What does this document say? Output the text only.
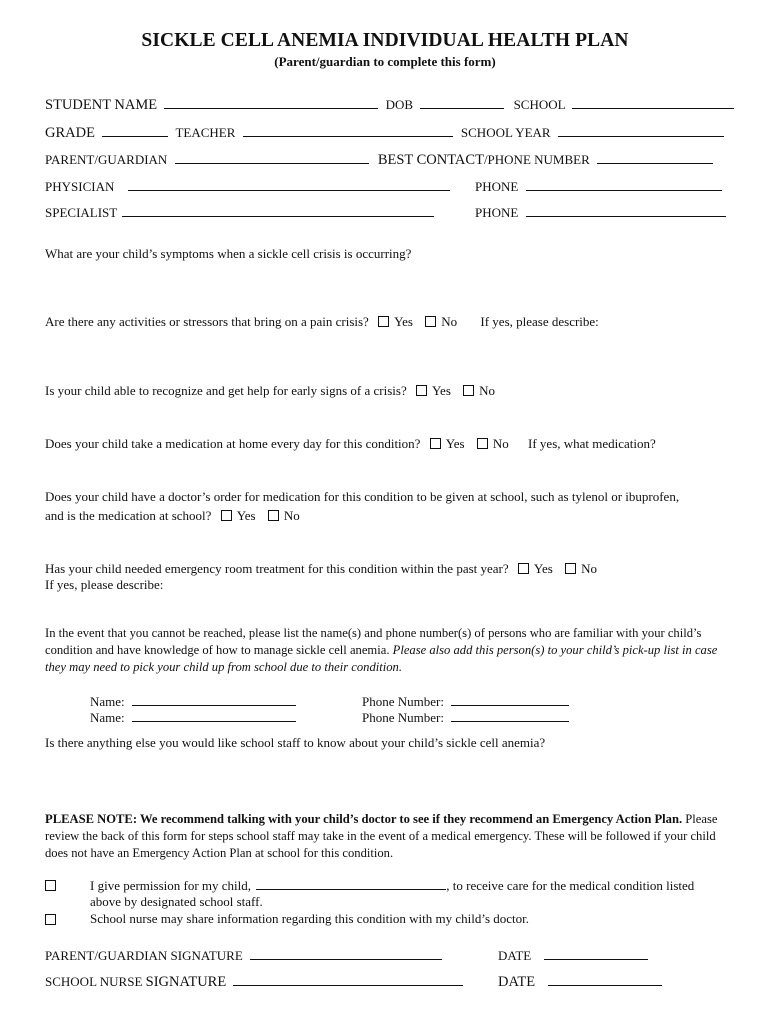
SICKLE CELL ANEMIA INDIVIDUAL HEALTH PLAN
(Parent/guardian to complete this form)
STUDENT NAME	DOB	SCHOOL
GRADE	TEACHER	SCHOOL YEAR
PARENT/GUARDIAN	BEST CONTACT/PHONE NUMBER
PHYSICIAN	PHONE
SPECIALIST	PHONE
What are your child’s symptoms when a sickle cell crisis is occurring?
Are there any activities or stressors that bring on a pain crisis? Yes No If yes, please describe:
Is your child able to recognize and get help for early signs of a crisis? Yes No
Does your child take a medication at home every day for this condition? Yes No If yes, what medication?
Does your child have a doctor’s order for medication for this condition to be given at school, such as tylenol or ibuprofen,
and is the medication at school? Yes No
Has your child needed emergency room treatment for this condition within the past year? Yes No
If yes, please describe:
In the event that you cannot be reached, please list the name(s) and phone number(s) of persons who are familiar with your child’s condition and have knowledge of how to manage sickle cell anemia. Please also add this person(s) to your child’s pick-up list in case they may need to pick your child up from school due to their condition.
Name:	Phone Number:
Name:	Phone Number:
Is there anything else you would like school staff to know about your child’s sickle cell anemia?
PLEASE NOTE: We recommend talking with your child’s doctor to see if they recommend an Emergency Action Plan. Please review the back of this form for steps school staff may take in the event of a medical emergency. These will be followed if your child does not have an Emergency Action Plan at school for this condition.
I give permission for my child,	, to receive care for the medical condition listed
above by designated school staff.
School nurse may share information regarding this condition with my child’s doctor.
PARENT/GUARDIAN SIGNATURE	DATE
SCHOOL NURSE SIGNATURE	DATE
